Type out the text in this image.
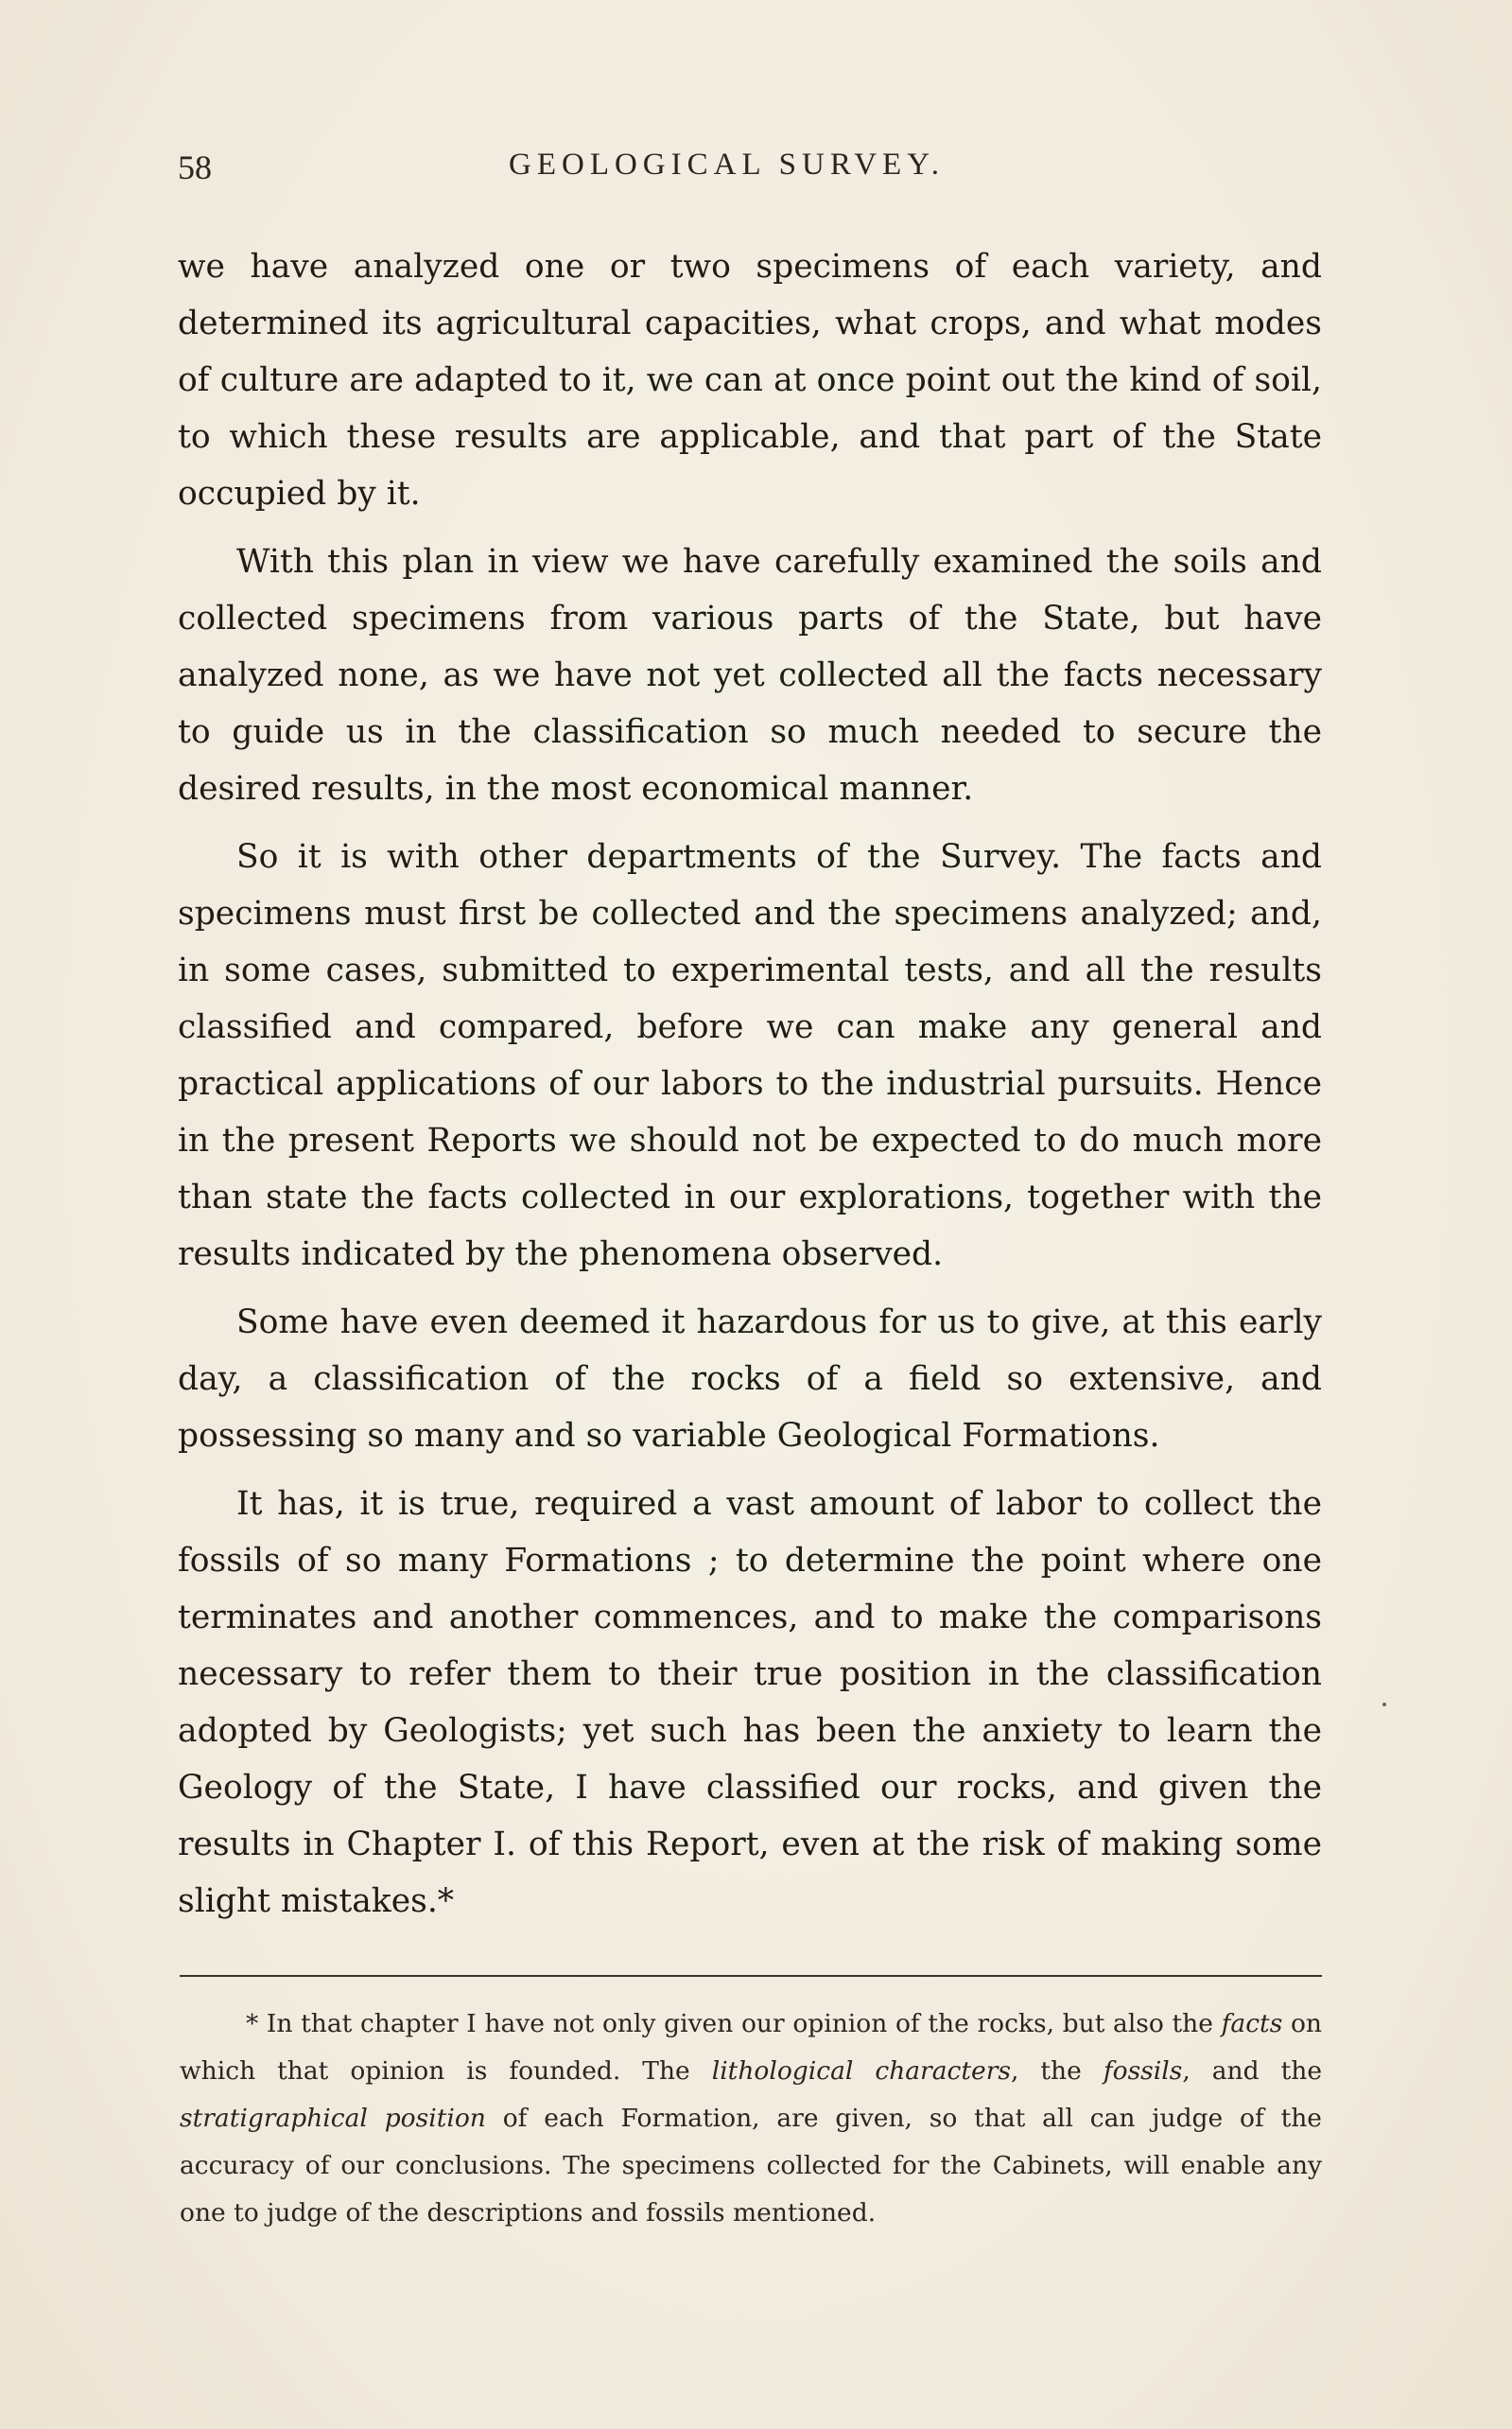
58	GEOLOGICAL SURVEY.

we have analyzed one or two specimens of each variety, and determined its agricultural capacities, what crops, and what modes of culture are adapted to it, we can at once point out the kind of soil, to which these results are applicable, and that part of the State occupied by it.

With this plan in view we have carefully examined the soils and collected specimens from various parts of the State, but have analyzed none, as we have not yet collected all the facts necessary to guide us in the classification so much needed to secure the desired results, in the most economical manner.

So it is with other departments of the Survey. The facts and specimens must first be collected and the specimens analyzed; and, in some cases, submitted to experimental tests, and all the results classified and compared, before we can make any general and practical applications of our labors to the industrial pursuits. Hence in the present Reports we should not be expected to do much more than state the facts collected in our explorations, together with the results indicated by the phenomena observed.

Some have even deemed it hazardous for us to give, at this early day, a classification of the rocks of a field so extensive, and possessing so many and so variable Geological Formations.

It has, it is true, required a vast amount of labor to collect the fossils of so many Formations ; to determine the point where one terminates and another commences, and to make the comparisons necessary to refer them to their true position in the classification adopted by Geologists; yet such has been the anxiety to learn the Geology of the State, I have classified our rocks, and given the results in Chapter I. of this Report, even at the risk of making some slight mistakes.*

* In that chapter I have not only given our opinion of the rocks, but also the facts on which that opinion is founded. The lithological characters, the fossils, and the stratigraphical position of each Formation, are given, so that all can judge of the accuracy of our conclusions. The specimens collected for the Cabinets, will enable any one to judge of the descriptions and fossils mentioned.
